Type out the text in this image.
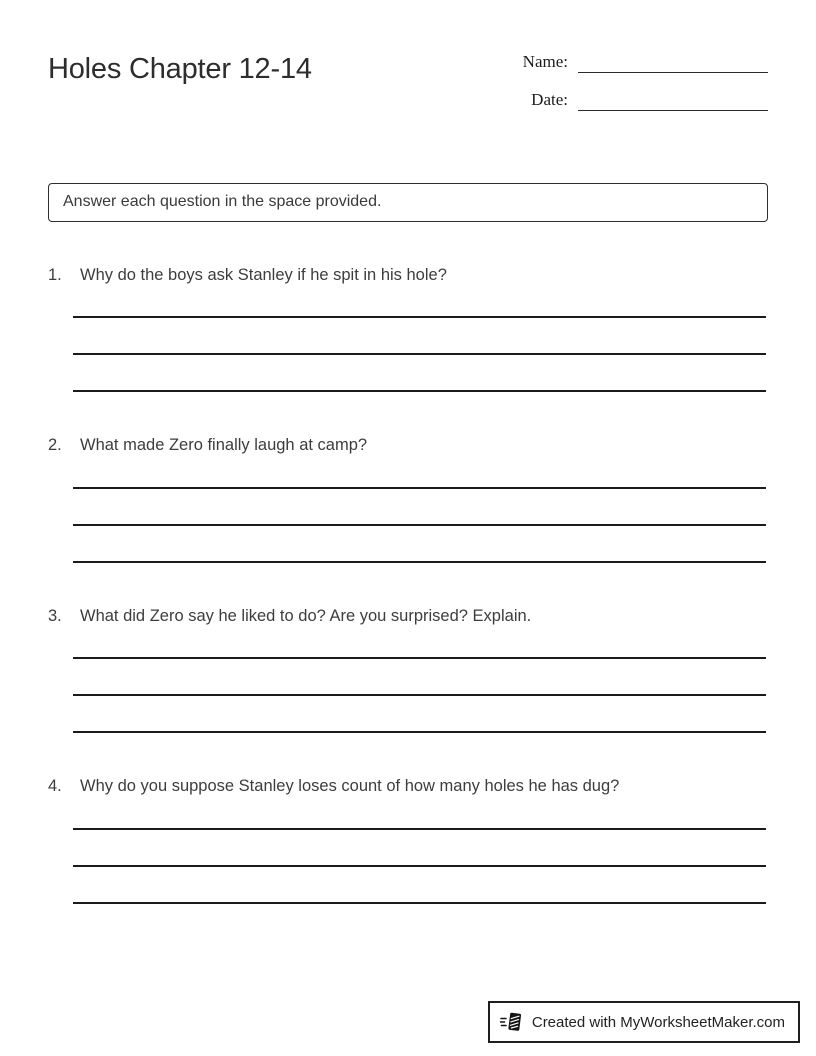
Holes Chapter 12-14	Name:
Date:
Answer each question in the space provided.
1.	Why do the boys ask Stanley if he spit in his hole?
2.	What made Zero finally laugh at camp?
3.	What did Zero say he liked to do? Are you surprised? Explain.
4.	Why do you suppose Stanley loses count of how many holes he has dug?
Created with MyWorksheetMaker.com
